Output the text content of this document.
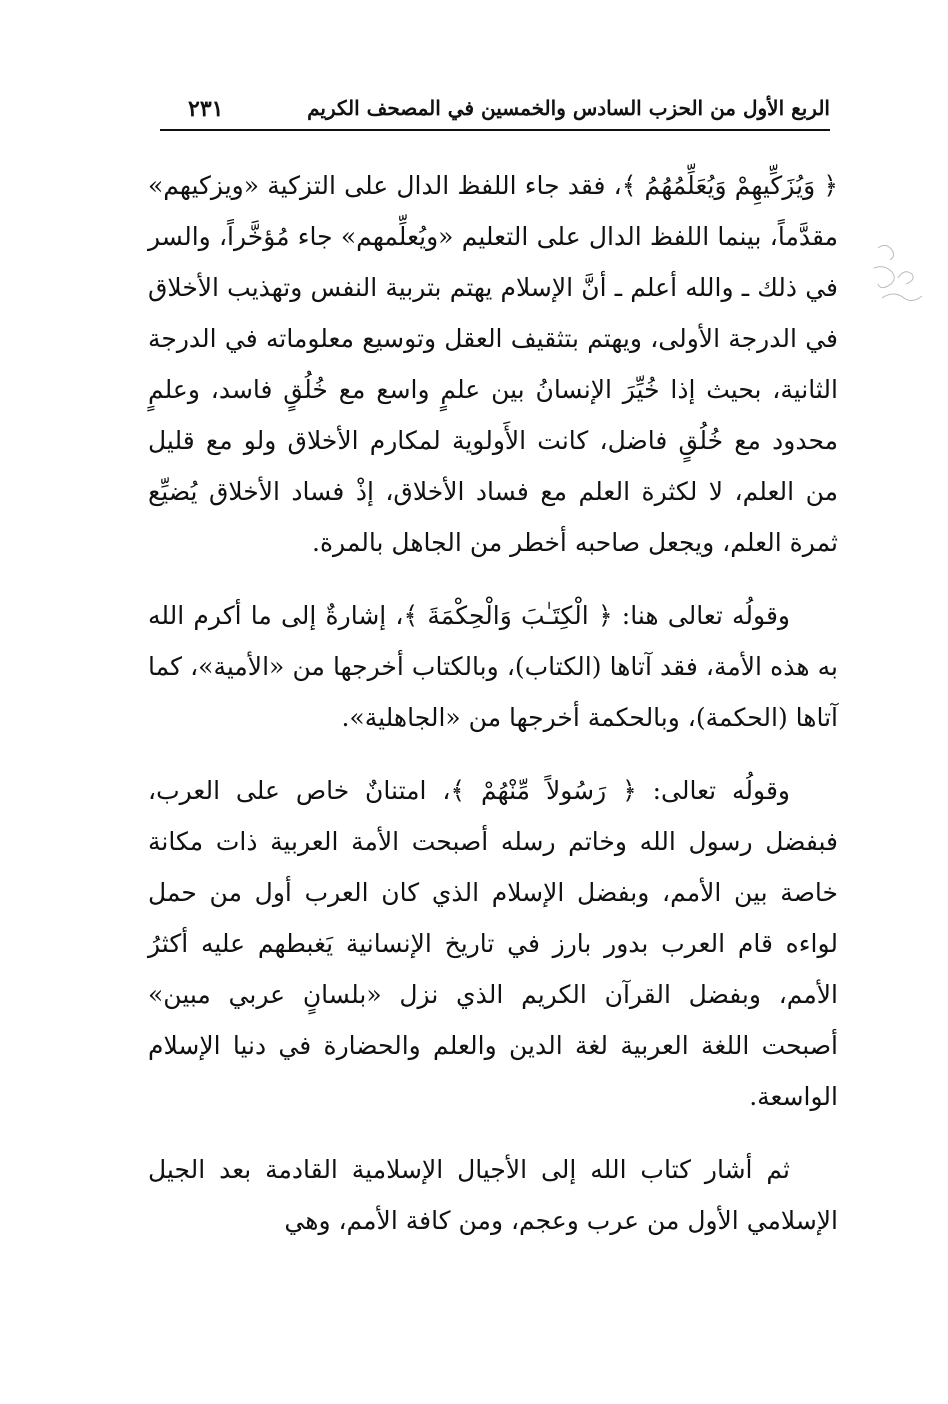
الربع الأول من الحزب السادس والخمسين في المصحف الكريم
٢٣١

﴿ وَيُزَكِّيهِمْ وَيُعَلِّمُهُمُ ﴾، فقد جاء اللفظ الدال على التزكية «ويزكيهم» مقدَّماً، بينما اللفظ الدال على التعليم «ويُعلِّمهم» جاء مُؤخَّراً، والسر في ذلك ـ والله أعلم ـ أنَّ الإسلام يهتم بتربية النفس وتهذيب الأخلاق في الدرجة الأولى، ويهتم بتثقيف العقل وتوسيع معلوماته في الدرجة الثانية، بحيث إذا خُيِّرَ الإنسانُ بين علمٍ واسع مع خُلُقٍ فاسد، وعلمٍ محدود مع خُلُقٍ فاضل، كانت الأَولوية لمكارم الأخلاق ولو مع قليل من العلم، لا لكثرة العلم مع فساد الأخلاق، إذْ فساد الأخلاق يُضيِّع ثمرة العلم، ويجعل صاحبه أخطر من الجاهل بالمرة.

وقولُه تعالى هنا: ﴿ الْكِتَـٰبَ وَالْحِكْمَةَ ﴾، إشارةٌ إلى ما أكرم الله به هذه الأمة، فقد آتاها (الكتاب)، وبالكتاب أخرجها من «الأمية»، كما آتاها (الحكمة)، وبالحكمة أخرجها من «الجاهلية».

وقولُه تعالى: ﴿ رَسُولاً مِّنْهُمْ ﴾، امتنانٌ خاص على العرب، فبفضل رسول الله وخاتم رسله أصبحت الأمة العربية ذات مكانة خاصة بين الأمم، وبفضل الإسلام الذي كان العرب أول من حمل لواءه قام العرب بدور بارز في تاريخ الإنسانية يَغبطهم عليه أكثرُ الأمم، وبفضل القرآن الكريم الذي نزل «بلسانٍ عربي مبين» أصبحت اللغة العربية لغة الدين والعلم والحضارة في دنيا الإسلام الواسعة.

ثم أشار كتاب الله إلى الأجيال الإسلامية القادمة بعد الجيل الإسلامي الأول من عرب وعجم، ومن كافة الأمم، وهي
